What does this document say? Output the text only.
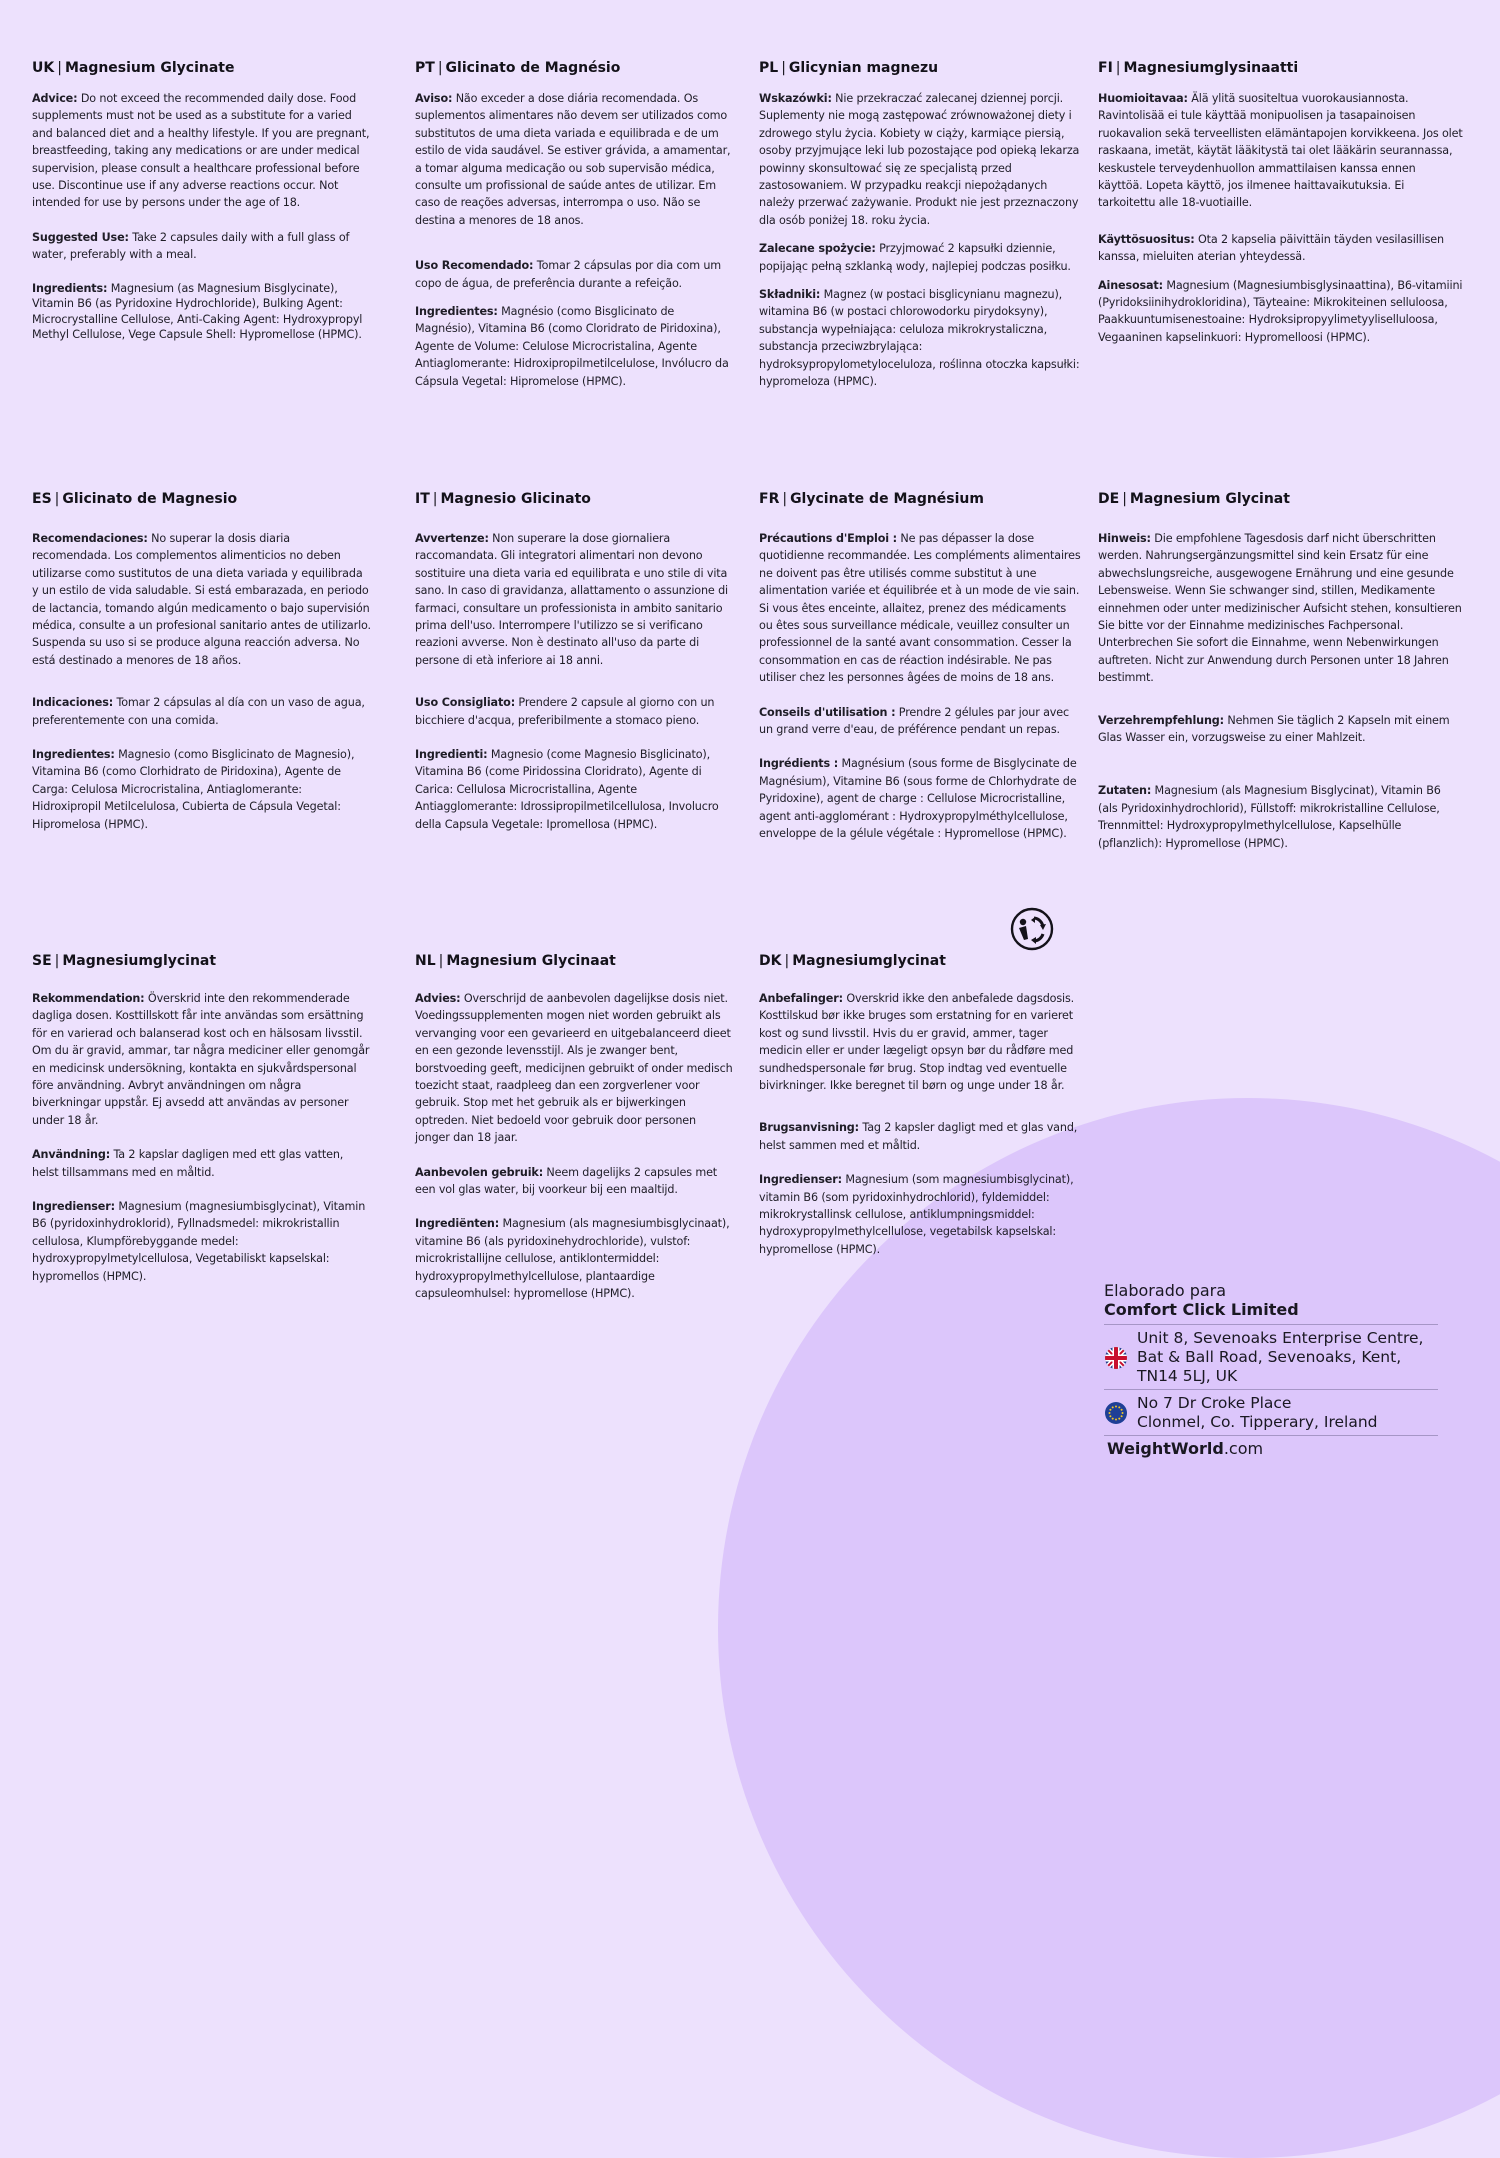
UK | Magnesium Glycinate

Advice: Do not exceed the recommended daily dose. Food supplements must not be used as a substitute for a varied and balanced diet and a healthy lifestyle. If you are pregnant, breastfeeding, taking any medications or are under medical supervision, please consult a healthcare professional before use. Discontinue use if any adverse reactions occur. Not intended for use by persons under the age of 18.

Suggested Use: Take 2 capsules daily with a full glass of water, preferably with a meal.

Ingredients: Magnesium (as Magnesium Bisglycinate), Vitamin B6 (as Pyridoxine Hydrochloride), Bulking Agent: Microcrystalline Cellulose, Anti-Caking Agent: Hydroxypropyl Methyl Cellulose, Vege Capsule Shell: Hypromellose (HPMC).

PT | Glicinato de Magnésio

Aviso: Não exceder a dose diária recomendada. Os suplementos alimentares não devem ser utilizados como substitutos de uma dieta variada e equilibrada e de um estilo de vida saudável. Se estiver grávida, a amamentar, a tomar alguma medicação ou sob supervisão médica, consulte um profissional de saúde antes de utilizar. Em caso de reações adversas, interrompa o uso. Não se destina a menores de 18 anos.

Uso Recomendado: Tomar 2 cápsulas por dia com um copo de água, de preferência durante a refeição.

Ingredientes: Magnésio (como Bisglicinato de Magnésio), Vitamina B6 (como Cloridrato de Piridoxina), Agente de Volume: Celulose Microcristalina, Agente Antiaglomerante: Hidroxipropilmetilcelulose, Invólucro da Cápsula Vegetal: Hipromelose (HPMC).

PL | Glicynian magnezu

Wskazówki: Nie przekraczać zalecanej dziennej porcji. Suplementy nie mogą zastępować zrównoważonej diety i zdrowego stylu życia. Kobiety w ciąży, karmiące piersią, osoby przyjmujące leki lub pozostające pod opieką lekarza powinny skonsultować się ze specjalistą przed zastosowaniem. W przypadku reakcji niepożądanych należy przerwać zażywanie. Produkt nie jest przeznaczony dla osób poniżej 18. roku życia.

Zalecane spożycie: Przyjmować 2 kapsułki dziennie, popijając pełną szklanką wody, najlepiej podczas posiłku.

Składniki: Magnez (w postaci bisglicynianu magnezu), witamina B6 (w postaci chlorowodorku pirydoksyny), substancja wypełniająca: celuloza mikrokrystaliczna, substancja przeciwzbrylająca: hydroksypropylometyloceluloza, roślinna otoczka kapsułki: hypromeloza (HPMC).

FI | Magnesiumglysinaatti

Huomioitavaa: Älä ylitä suositeltua vuorokausiannosta. Ravintolisää ei tule käyttää monipuolisen ja tasapainoisen ruokavalion sekä terveellisten elämäntapojen korvikkeena. Jos olet raskaana, imetät, käytät lääkitystä tai olet lääkärin seurannassa, keskustele terveydenhuollon ammattilaisen kanssa ennen käyttöä. Lopeta käyttö, jos ilmenee haittavaikutuksia. Ei tarkoitettu alle 18-vuotiaille.

Käyttösuositus: Ota 2 kapselia päivittäin täyden vesilasillisen kanssa, mieluiten aterian yhteydessä.

Ainesosat: Magnesium (Magnesiumbisglysinaattina), B6-vitamiini (Pyridoksiinihydrokloridina), Täyteaine: Mikrokiteinen selluloosa, Paakkuuntumisenestoaine: Hydroksipropyylimetyyliselluloosa, Vegaaninen kapselinkuori: Hypromelloosi (HPMC).

ES | Glicinato de Magnesio

Recomendaciones: No superar la dosis diaria recomendada. Los complementos alimenticios no deben utilizarse como sustitutos de una dieta variada y equilibrada y un estilo de vida saludable. Si está embarazada, en periodo de lactancia, tomando algún medicamento o bajo supervisión médica, consulte a un profesional sanitario antes de utilizarlo. Suspenda su uso si se produce alguna reacción adversa. No está destinado a menores de 18 años.

Indicaciones: Tomar 2 cápsulas al día con un vaso de agua, preferentemente con una comida.

Ingredientes: Magnesio (como Bisglicinato de Magnesio), Vitamina B6 (como Clorhidrato de Piridoxina), Agente de Carga: Celulosa Microcristalina, Antiaglomerante: Hidroxipropil Metilcelulosa, Cubierta de Cápsula Vegetal: Hipromelosa (HPMC).

IT | Magnesio Glicinato

Avvertenze: Non superare la dose giornaliera raccomandata. Gli integratori alimentari non devono sostituire una dieta varia ed equilibrata e uno stile di vita sano. In caso di gravidanza, allattamento o assunzione di farmaci, consultare un professionista in ambito sanitario prima dell'uso. Interrompere l'utilizzo se si verificano reazioni avverse. Non è destinato all'uso da parte di persone di età inferiore ai 18 anni.

Uso Consigliato: Prendere 2 capsule al giorno con un bicchiere d'acqua, preferibilmente a stomaco pieno.

Ingredienti: Magnesio (come Magnesio Bisglicinato), Vitamina B6 (come Piridossina Cloridrato), Agente di Carica: Cellulosa Microcristallina, Agente Antiagglomerante: Idrossipropilmetilcellulosa, Involucro della Capsula Vegetale: Ipromellosa (HPMC).

FR | Glycinate de Magnésium

Précautions d'Emploi : Ne pas dépasser la dose quotidienne recommandée. Les compléments alimentaires ne doivent pas être utilisés comme substitut à une alimentation variée et équilibrée et à un mode de vie sain. Si vous êtes enceinte, allaitez, prenez des médicaments ou êtes sous surveillance médicale, veuillez consulter un professionnel de la santé avant consommation. Cesser la consommation en cas de réaction indésirable. Ne pas utiliser chez les personnes âgées de moins de 18 ans.

Conseils d'utilisation : Prendre 2 gélules par jour avec un grand verre d'eau, de préférence pendant un repas.

Ingrédients : Magnésium (sous forme de Bisglycinate de Magnésium), Vitamine B6 (sous forme de Chlorhydrate de Pyridoxine), agent de charge : Cellulose Microcristalline, agent anti-agglomérant : Hydroxypropylméthylcellulose, enveloppe de la gélule végétale : Hypromellose (HPMC).

DE | Magnesium Glycinat

Hinweis: Die empfohlene Tagesdosis darf nicht überschritten werden. Nahrungsergänzungsmittel sind kein Ersatz für eine abwechslungsreiche, ausgewogene Ernährung und eine gesunde Lebensweise. Wenn Sie schwanger sind, stillen, Medikamente einnehmen oder unter medizinischer Aufsicht stehen, konsultieren Sie bitte vor der Einnahme medizinisches Fachpersonal. Unterbrechen Sie sofort die Einnahme, wenn Nebenwirkungen auftreten. Nicht zur Anwendung durch Personen unter 18 Jahren bestimmt.

Verzehrempfehlung: Nehmen Sie täglich 2 Kapseln mit einem Glas Wasser ein, vorzugsweise zu einer Mahlzeit.

Zutaten: Magnesium (als Magnesium Bisglycinat), Vitamin B6 (als Pyridoxinhydrochlorid), Füllstoff: mikrokristalline Cellulose, Trennmittel: Hydroxypropylmethylcellulose, Kapselhülle (pflanzlich): Hypromellose (HPMC).

SE | Magnesiumglycinat

Rekommendation: Överskrid inte den rekommenderade dagliga dosen. Kosttillskott får inte användas som ersättning för en varierad och balanserad kost och en hälsosam livsstil. Om du är gravid, ammar, tar några mediciner eller genomgår en medicinsk undersökning, kontakta en sjukvårdspersonal före användning. Avbryt användningen om några biverkningar uppstår. Ej avsedd att användas av personer under 18 år.

Användning: Ta 2 kapslar dagligen med ett glas vatten, helst tillsammans med en måltid.

Ingredienser: Magnesium (magnesiumbisglycinat), Vitamin B6 (pyridoxinhydroklorid), Fyllnadsmedel: mikrokristallin cellulosa, Klumpförebyggande medel: hydroxypropylmetylcellulosa, Vegetabiliskt kapselskal: hypromellos (HPMC).

NL | Magnesium Glycinaat

Advies: Overschrijd de aanbevolen dagelijkse dosis niet. Voedingssupplementen mogen niet worden gebruikt als vervanging voor een gevarieerd en uitgebalanceerd dieet en een gezonde levensstijl. Als je zwanger bent, borstvoeding geeft, medicijnen gebruikt of onder medisch toezicht staat, raadpleeg dan een zorgverlener voor gebruik. Stop met het gebruik als er bijwerkingen optreden. Niet bedoeld voor gebruik door personen jonger dan 18 jaar.

Aanbevolen gebruik: Neem dagelijks 2 capsules met een vol glas water, bij voorkeur bij een maaltijd.

Ingrediënten: Magnesium (als magnesiumbisglycinaat), vitamine B6 (als pyridoxinehydrochloride), vulstof: microkristallijne cellulose, antiklontermiddel: hydroxypropylmethylcellulose, plantaardige capsuleomhulsel: hypromellose (HPMC).

DK | Magnesiumglycinat

Anbefalinger: Overskrid ikke den anbefalede dagsdosis. Kosttilskud bør ikke bruges som erstatning for en varieret kost og sund livsstil. Hvis du er gravid, ammer, tager medicin eller er under lægeligt opsyn bør du rådføre med sundhedspersonale før brug. Stop indtag ved eventuelle bivirkninger. Ikke beregnet til børn og unge under 18 år.

Brugsanvisning: Tag 2 kapsler dagligt med et glas vand, helst sammen med et måltid.

Ingredienser: Magnesium (som magnesiumbisglycinat), vitamin B6 (som pyridoxinhydrochlorid), fyldemiddel: mikrokrystallinsk cellulose, antiklumpningsmiddel: hydroxypropylmethylcellulose, vegetabilsk kapselskal: hypromellose (HPMC).

Elaborado para
Comfort Click Limited
Unit 8, Sevenoaks Enterprise Centre,
Bat & Ball Road, Sevenoaks, Kent,
TN14 5LJ, UK
No 7 Dr Croke Place
Clonmel, Co. Tipperary, Ireland
WeightWorld.com
